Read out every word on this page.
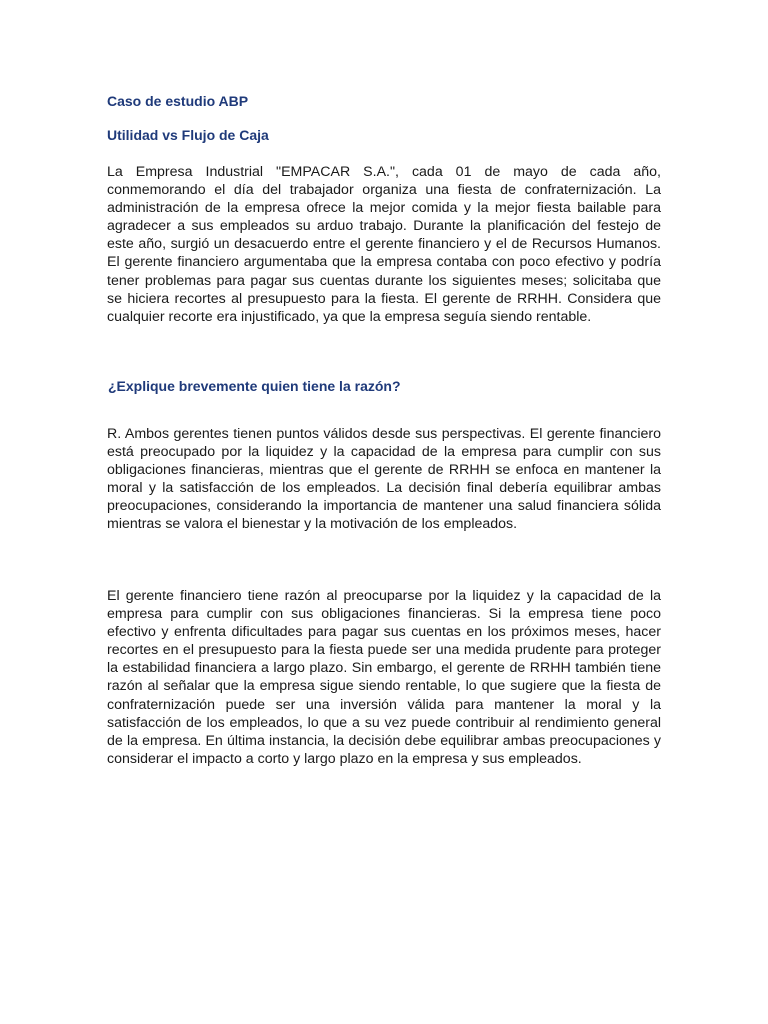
Caso de estudio ABP

Utilidad vs Flujo de Caja

La Empresa Industrial "EMPACAR S.A.", cada 01 de mayo de cada año, conmemorando el día del trabajador organiza una fiesta de confraternización. La administración de la empresa ofrece la mejor comida y la mejor fiesta bailable para agradecer a sus empleados su arduo trabajo. Durante la planificación del festejo de este año, surgió un desacuerdo entre el gerente financiero y el de Recursos Humanos. El gerente financiero argumentaba que la empresa contaba con poco efectivo y podría tener problemas para pagar sus cuentas durante los siguientes meses; solicitaba que se hiciera recortes al presupuesto para la fiesta. El gerente de RRHH. Considera que cualquier recorte era injustificado, ya que la empresa seguía siendo rentable.

¿Explique brevemente quien tiene la razón?

R. Ambos gerentes tienen puntos válidos desde sus perspectivas. El gerente financiero está preocupado por la liquidez y la capacidad de la empresa para cumplir con sus obligaciones financieras, mientras que el gerente de RRHH se enfoca en mantener la moral y la satisfacción de los empleados. La decisión final debería equilibrar ambas preocupaciones, considerando la importancia de mantener una salud financiera sólida mientras se valora el bienestar y la motivación de los empleados.

El gerente financiero tiene razón al preocuparse por la liquidez y la capacidad de la empresa para cumplir con sus obligaciones financieras. Si la empresa tiene poco efectivo y enfrenta dificultades para pagar sus cuentas en los próximos meses, hacer recortes en el presupuesto para la fiesta puede ser una medida prudente para proteger la estabilidad financiera a largo plazo. Sin embargo, el gerente de RRHH también tiene razón al señalar que la empresa sigue siendo rentable, lo que sugiere que la fiesta de confraternización puede ser una inversión válida para mantener la moral y la satisfacción de los empleados, lo que a su vez puede contribuir al rendimiento general de la empresa. En última instancia, la decisión debe equilibrar ambas preocupaciones y considerar el impacto a corto y largo plazo en la empresa y sus empleados.
